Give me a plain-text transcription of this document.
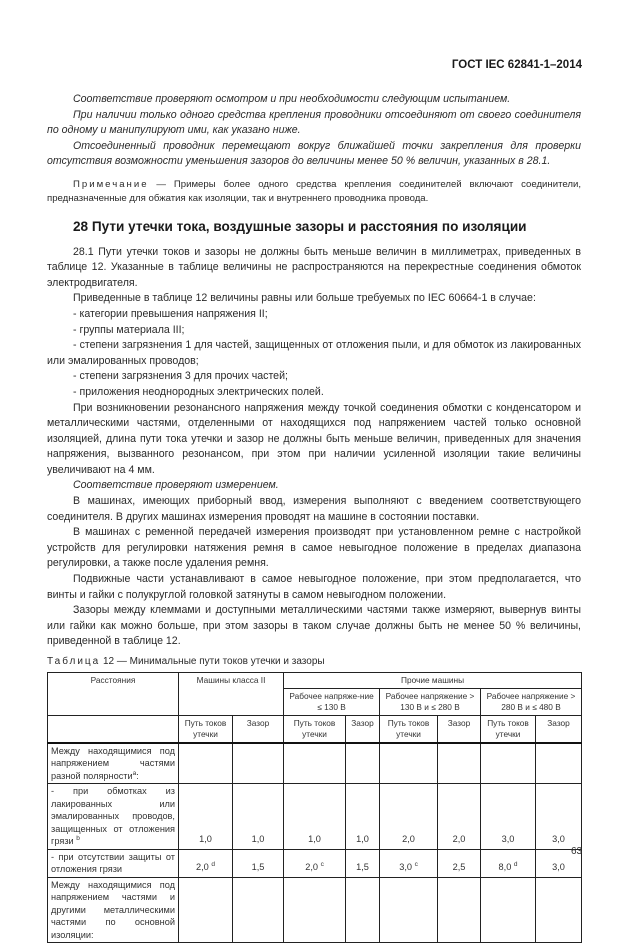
ГОСТ IEC 62841-1–2014

Соответствие проверяют осмотром и при необходимости следующим испытанием.

При наличии только одного средства крепления проводники отсоединяют от своего соединителя по одному и манипулируют ими, как указано ниже.

Отсоединенный проводник перемещают вокруг ближайшей точки закрепления для проверки отсутствия возможности уменьшения зазоров до величины менее 50 % величин, указанных в 28.1.

Примечание — Примеры более одного средства крепления соединителей включают соединители, предназначенные для обжатия как изоляции, так и внутреннего проводника провода.

28 Пути утечки тока, воздушные зазоры и расстояния по изоляции

28.1 Пути утечки токов и зазоры не должны быть меньше величин в миллиметрах, приведенных в таблице 12. Указанные в таблице величины не распространяются на перекрестные соединения обмоток электродвигателя.

Приведенные в таблице 12 величины равны или больше требуемых по IEC 60664-1 в случае:

- категории превышения напряжения II;

- группы материала III;

- степени загрязнения 1 для частей, защищенных от отложения пыли, и для обмоток из лакированных или эмалированных проводов;

- степени загрязнения 3 для прочих частей;

- приложения неоднородных электрических полей.

При возникновении резонансного напряжения между точкой соединения обмотки с конденсатором и металлическими частями, отделенными от находящихся под напряжением частей только основной изоляцией, длина пути тока утечки и зазор не должны быть меньше величин, приведенных для значения напряжения, вызванного резонансом, при этом при наличии усиленной изоляции такие величины увеличивают на 4 мм.

Соответствие проверяют измерением.

В машинах, имеющих приборный ввод, измерения выполняют с введением соответствующего соединителя. В других машинах измерения проводят на машине в состоянии поставки.

В машинах с ременной передачей измерения производят при установленном ремне с настройкой устройств для регулировки натяжения ремня в самое невыгодное положение в пределах диапазона регулировки, а также после удаления ремня.

Подвижные части устанавливают в самое невыгодное положение, при этом предполагается, что винты и гайки с полукруглой головкой затянуты в самом невыгодном положении.

Зазоры между клеммами и доступными металлическими частями также измеряют, вывернув винты или гайки как можно больше, при этом зазоры в таком случае должны быть не менее 50 % величины, приведенной в таблице 12.

Таблица 12 — Минимальные пути токов утечки и зазоры
Расстояния	Машины класса II		Прочие машины					
			Рабочее напряже-ние ≤ 130 В		Рабочее напряжение > 130 В и ≤ 280 В		Рабочее напряжение > 280 В и ≤ 480 В	
	Путь токов утечки	Зазор	Путь токов утечки	Зазор	Путь токов утечки	Зазор	Путь токов утечки	Зазор
Между находящимися под напряжением частями разной полярности$^a$:								
- при обмотках из лакированных или эмалированных проводов, защищенных от отложения грязи $^b$	1,0	1,0	1,0	1,0	2,0	2,0	3,0	3,0
- при отсутствии защиты от отложения грязи	2,0 $^d$	1,5	2,0 $^c$	1,5	3,0 $^c$	2,5	8,0 $^d$	3,0
Между находящимися под напряжением частями и другими металлическими частями по основной изоляции:								
63
